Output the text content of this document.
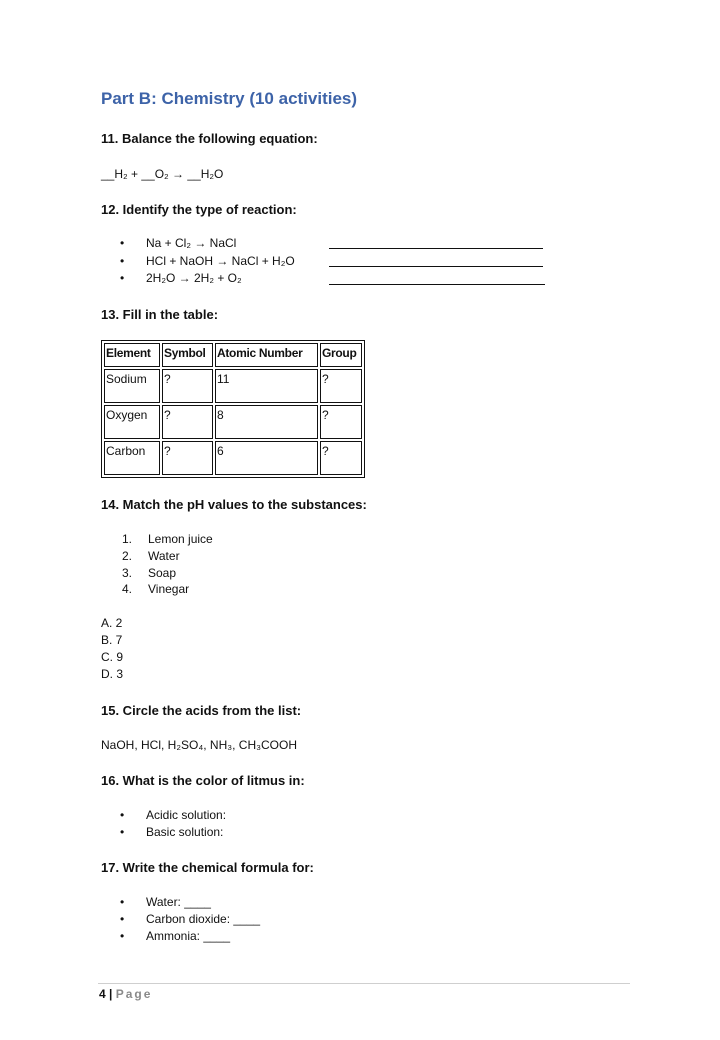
Part B: Chemistry (10 activities)
11. Balance the following equation:
__H₂ + __O₂ → __H₂O
12. Identify the type of reaction:
• Na + Cl₂ → NaCl
• HCl + NaOH → NaCl + H₂O
• 2H₂O → 2H₂ + O₂
13. Fill in the table:
Element	Symbol	Atomic Number	Group
Sodium	?	11	?
Oxygen	?	8	?
Carbon	?	6	?
14. Match the pH values to the substances:
1. Lemon juice
2. Water
3. Soap
4. Vinegar
A. 2
B. 7
C. 9
D. 3
15. Circle the acids from the list:
NaOH, HCl, H₂SO₄, NH₃, CH₃COOH
16. What is the color of litmus in:
• Acidic solution:
• Basic solution:
17. Write the chemical formula for:
• Water: ____
• Carbon dioxide: ____
• Ammonia: ____
4 | Page
